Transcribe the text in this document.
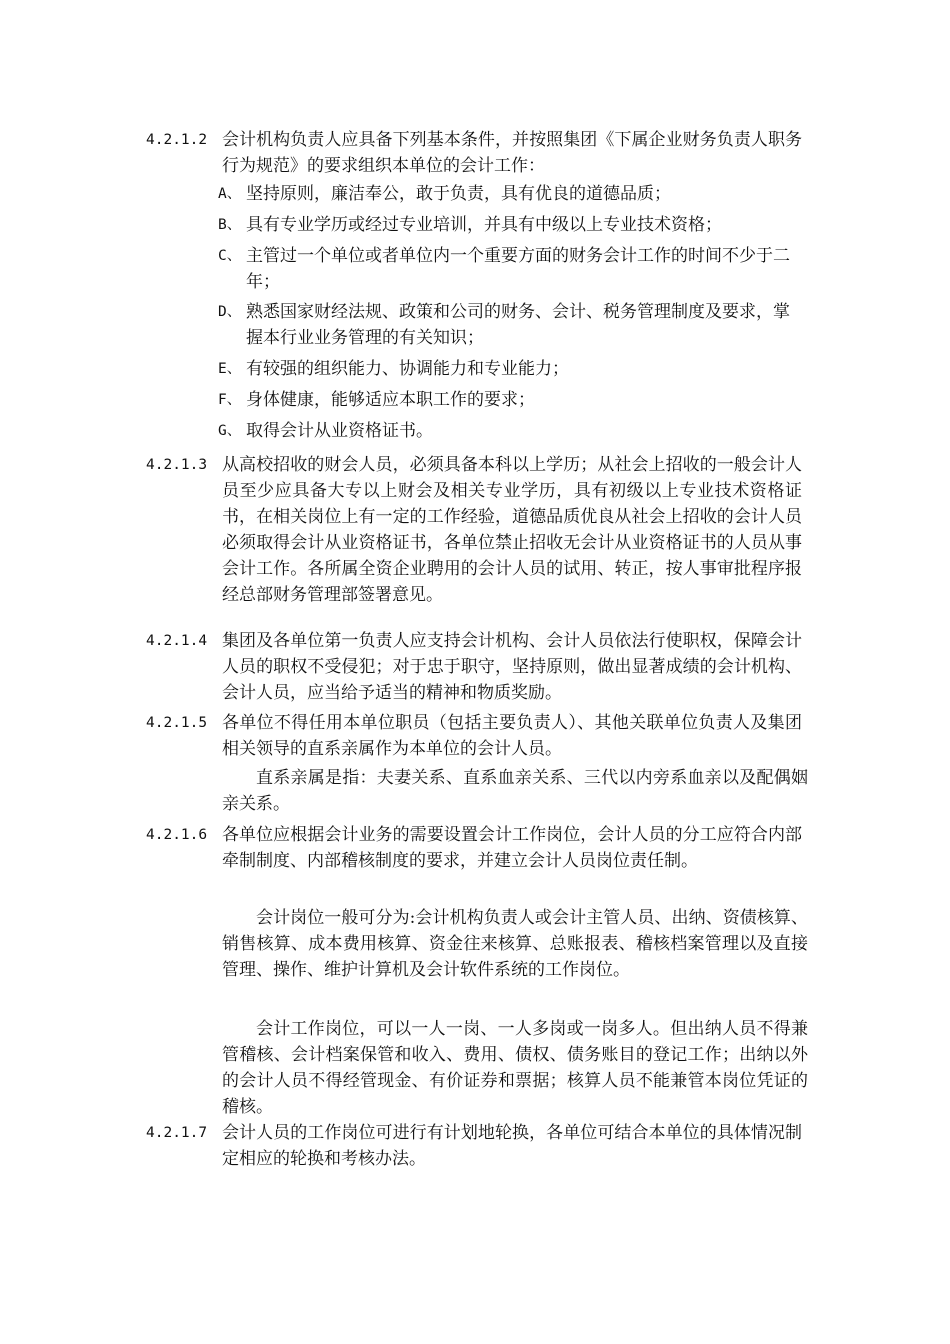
4.2.1.2 会计机构负责人应具备下列基本条件，并按照集团《下属企业财务负责人职务行为规范》的要求组织本单位的会计工作：
A、 坚持原则，廉洁奉公，敢于负责，具有优良的道德品质；
B、 具有专业学历或经过专业培训，并具有中级以上专业技术资格；
C、 主管过一个单位或者单位内一个重要方面的财务会计工作的时间不少于二年；
D、 熟悉国家财经法规、政策和公司的财务、会计、税务管理制度及要求，掌握本行业业务管理的有关知识；
E、 有较强的组织能力、协调能力和专业能力；
F、 身体健康，能够适应本职工作的要求；
G、 取得会计从业资格证书。
4.2.1.3 从高校招收的财会人员，必须具备本科以上学历；从社会上招收的一般会计人员至少应具备大专以上财会及相关专业学历，具有初级以上专业技术资格证书，在相关岗位上有一定的工作经验，道德品质优良从社会上招收的会计人员必须取得会计从业资格证书，各单位禁止招收无会计从业资格证书的人员从事会计工作。各所属全资企业聘用的会计人员的试用、转正，按人事审批程序报经总部财务管理部签署意见。
4.2.1.4 集团及各单位第一负责人应支持会计机构、会计人员依法行使职权，保障会计人员的职权不受侵犯；对于忠于职守，坚持原则，做出显著成绩的会计机构、会计人员，应当给予适当的精神和物质奖励。
4.2.1.5 各单位不得任用本单位职员（包括主要负责人）、其他关联单位负责人及集团相关领导的直系亲属作为本单位的会计人员。
直系亲属是指：夫妻关系、直系血亲关系、三代以内旁系血亲以及配偶姻亲关系。
4.2.1.6 各单位应根据会计业务的需要设置会计工作岗位，会计人员的分工应符合内部牵制制度、内部稽核制度的要求，并建立会计人员岗位责任制。
会计岗位一般可分为:会计机构负责人或会计主管人员、出纳、资债核算、销售核算、成本费用核算、资金往来核算、总账报表、稽核档案管理以及直接管理、操作、维护计算机及会计软件系统的工作岗位。
会计工作岗位，可以一人一岗、一人多岗或一岗多人。但出纳人员不得兼管稽核、会计档案保管和收入、费用、债权、债务账目的登记工作；出纳以外的会计人员不得经管现金、有价证券和票据；核算人员不能兼管本岗位凭证的稽核。
4.2.1.7 会计人员的工作岗位可进行有计划地轮换，各单位可结合本单位的具体情况制定相应的轮换和考核办法。
